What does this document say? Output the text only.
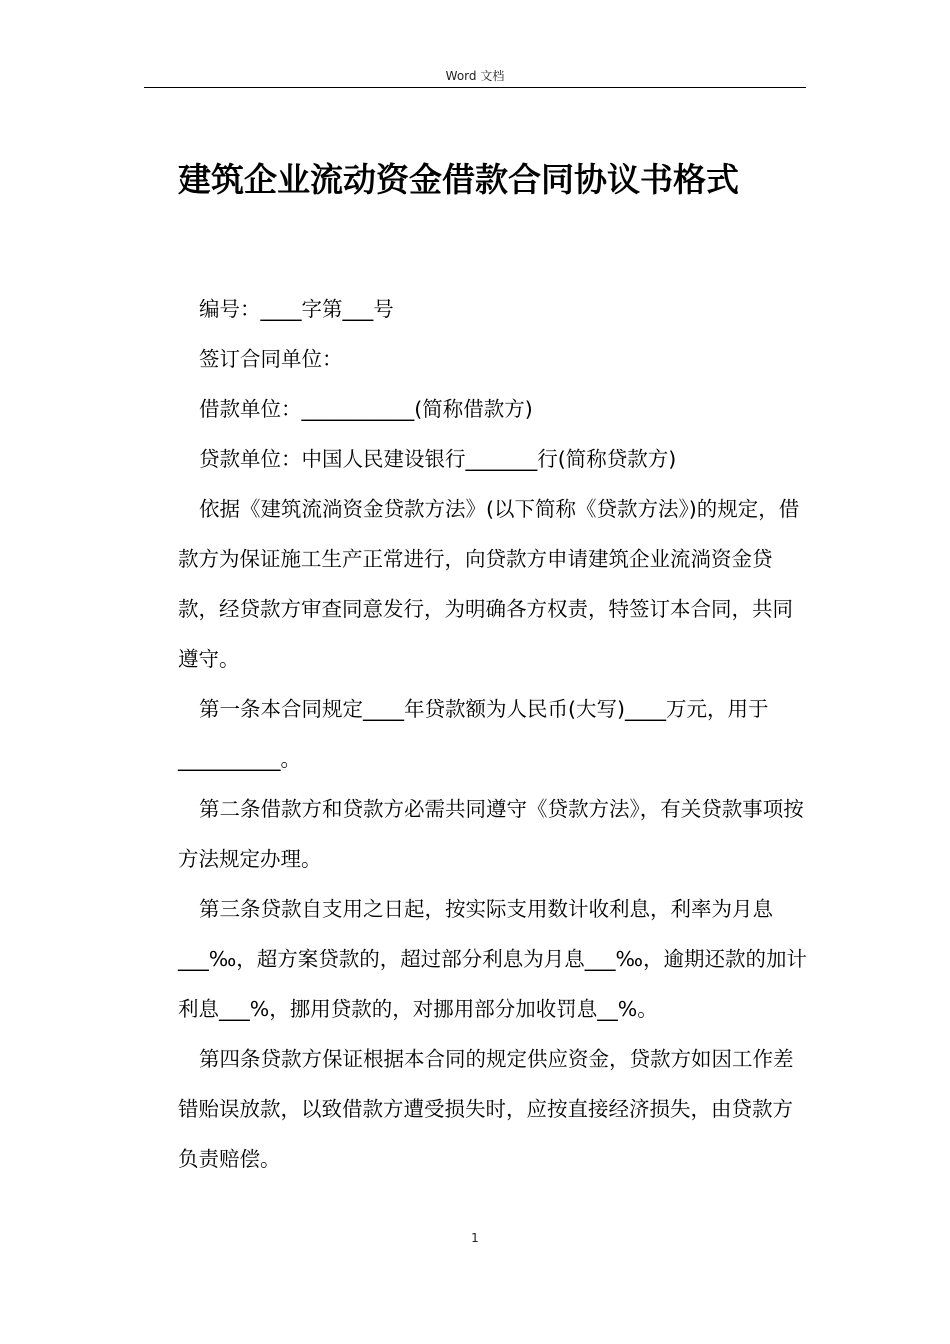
Word 文档
建筑企业流动资金借款合同协议书格式

编号：____字第___号

签订合同单位：

借款单位：___________(简称借款方)

贷款单位：中国人民建设银行_______行(简称贷款方)

依据《建筑流淌资金贷款方法》(以下简称《贷款方法》)的规定，借款方为保证施工生产正常进行，向贷款方申请建筑企业流淌资金贷款，经贷款方审查同意发行，为明确各方权责，特签订本合同，共同遵守。

第一条本合同规定____年贷款额为人民币(大写)____万元，用于__________。

第二条借款方和贷款方必需共同遵守《贷款方法》，有关贷款事项按方法规定办理。

第三条贷款自支用之日起，按实际支用数计收利息，利率为月息___‰，超方案贷款的，超过部分利息为月息___‰，逾期还款的加计利息___%，挪用贷款的，对挪用部分加收罚息__%。

第四条贷款方保证根据本合同的规定供应资金，贷款方如因工作差错贻误放款，以致借款方遭受损失时，应按直接经济损失，由贷款方负责赔偿。

1
